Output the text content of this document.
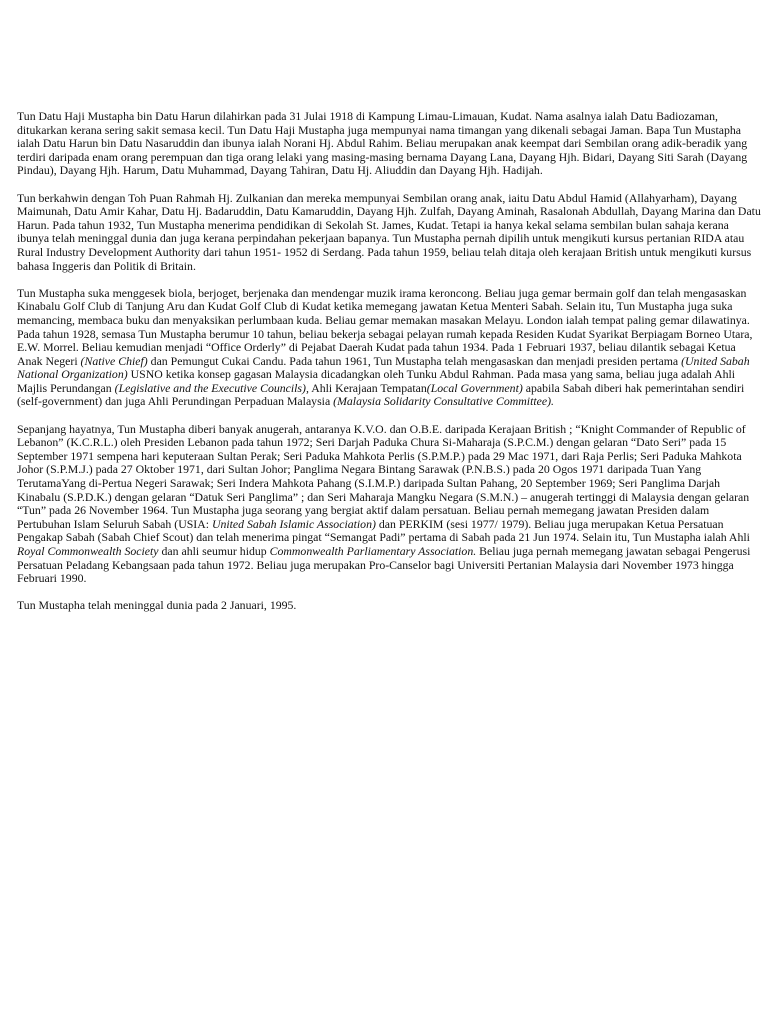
Tun Datu Haji Mustapha bin Datu Harun dilahirkan pada 31 Julai 1918 di Kampung Limau-Limauan, Kudat. Nama asalnya ialah Datu Badiozaman, ditukarkan kerana sering sakit semasa kecil. Tun Datu Haji Mustapha juga mempunyai nama timangan yang dikenali sebagai Jaman. Bapa Tun Mustapha ialah Datu Harun bin Datu Nasaruddin dan ibunya ialah Norani Hj. Abdul Rahim. Beliau merupakan anak keempat dari Sembilan orang adik-beradik yang terdiri daripada enam orang perempuan dan tiga orang lelaki yang masing-masing bernama Dayang Lana, Dayang Hjh. Bidari, Dayang Siti Sarah (Dayang Pindau), Dayang Hjh. Harum, Datu Muhammad, Dayang Tahiran, Datu Hj. Aliuddin dan Dayang Hjh. Hadijah.

Tun berkahwin dengan Toh Puan Rahmah Hj. Zulkanian dan mereka mempunyai Sembilan orang anak, iaitu Datu Abdul Hamid (Allahyarham), Dayang Maimunah, Datu Amir Kahar, Datu Hj. Badaruddin, Datu Kamaruddin, Dayang Hjh. Zulfah, Dayang Aminah, Rasalonah Abdullah, Dayang Marina dan Datu Harun. Pada tahun 1932, Tun Mustapha menerima pendidikan di Sekolah St. James, Kudat. Tetapi ia hanya kekal selama sembilan bulan sahaja kerana ibunya telah meninggal dunia dan juga kerana perpindahan pekerjaan bapanya. Tun Mustapha pernah dipilih untuk mengikuti kursus pertanian RIDA atau Rural Industry Development Authority dari tahun 1951- 1952 di Serdang. Pada tahun 1959, beliau telah ditaja oleh kerajaan British untuk mengikuti kursus bahasa Inggeris dan Politik di Britain.

Tun Mustapha suka menggesek biola, berjoget, berjenaka dan mendengar muzik irama keroncong. Beliau juga gemar bermain golf dan telah mengasaskan Kinabalu Golf Club di Tanjung Aru dan Kudat Golf Club di Kudat ketika memegang jawatan Ketua Menteri Sabah. Selain itu, Tun Mustapha juga suka memancing, membaca buku dan menyaksikan perlumbaan kuda. Beliau gemar memakan masakan Melayu. London ialah tempat paling gemar dilawatinya. Pada tahun 1928, semasa Tun Mustapha berumur 10 tahun, beliau bekerja sebagai pelayan rumah kepada Residen Kudat Syarikat Berpiagam Borneo Utara, E.W. Morrel. Beliau kemudian menjadi “Office Orderly” di Pejabat Daerah Kudat pada tahun 1934. Pada 1 Februari 1937, beliau dilantik sebagai Ketua Anak Negeri (Native Chief) dan Pemungut Cukai Candu. Pada tahun 1961, Tun Mustapha telah mengasaskan dan menjadi presiden pertama (United Sabah National Organization) USNO ketika konsep gagasan Malaysia dicadangkan oleh Tunku Abdul Rahman. Pada masa yang sama, beliau juga adalah Ahli Majlis Perundangan (Legislative and the Executive Councils), Ahli Kerajaan Tempatan(Local Government) apabila Sabah diberi hak pemerintahan sendiri (self-government) dan juga Ahli Perundingan Perpaduan Malaysia (Malaysia Solidarity Consultative Committee).

Sepanjang hayatnya, Tun Mustapha diberi banyak anugerah, antaranya K.V.O. dan O.B.E. daripada Kerajaan British ; “Knight Commander of Republic of Lebanon” (K.C.R.L.) oleh Presiden Lebanon pada tahun 1972; Seri Darjah Paduka Chura Si-Maharaja (S.P.C.M.) dengan gelaran “Dato Seri” pada 15 September 1971 sempena hari keputeraan Sultan Perak; Seri Paduka Mahkota Perlis (S.P.M.P.) pada 29 Mac 1971, dari Raja Perlis; Seri Paduka Mahkota Johor (S.P.M.J.) pada 27 Oktober 1971, dari Sultan Johor; Panglima Negara Bintang Sarawak (P.N.B.S.) pada 20 Ogos 1971 daripada Tuan Yang TerutamaYang di-Pertua Negeri Sarawak; Seri Indera Mahkota Pahang (S.I.M.P.) daripada Sultan Pahang, 20 September 1969; Seri Panglima Darjah Kinabalu (S.P.D.K.) dengan gelaran “Datuk Seri Panglima” ; dan Seri Maharaja Mangku Negara (S.M.N.) – anugerah tertinggi di Malaysia dengan gelaran “Tun” pada 26 November 1964. Tun Mustapha juga seorang yang bergiat aktif dalam persatuan. Beliau pernah memegang jawatan Presiden dalam Pertubuhan Islam Seluruh Sabah (USIA: United Sabah Islamic Association) dan PERKIM (sesi 1977/ 1979). Beliau juga merupakan Ketua Persatuan Pengakap Sabah (Sabah Chief Scout) dan telah menerima pingat “Semangat Padi” pertama di Sabah pada 21 Jun 1974. Selain itu, Tun Mustapha ialah Ahli Royal Commonwealth Society dan ahli seumur hidup Commonwealth Parliamentary Association. Beliau juga pernah memegang jawatan sebagai Pengerusi Persatuan Peladang Kebangsaan pada tahun 1972. Beliau juga merupakan Pro-Canselor bagi Universiti Pertanian Malaysia dari November 1973 hingga Februari 1990.

Tun Mustapha telah meninggal dunia pada 2 Januari, 1995.
